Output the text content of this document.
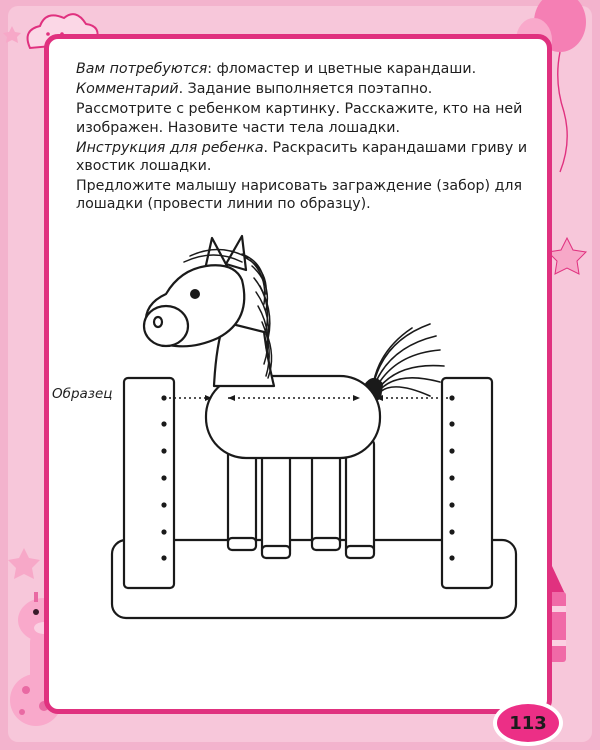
Вам потребуются: фломастер и цветные карандаши.

Комментарий. Задание выполняется поэтапно.

Рассмотрите с ребенком картинку. Расскажите, кто на ней изображен. Назовите части тела лошадки.

Инструкция для ребенка. Раскрасить карандашами гриву и хвостик лошадки.

Предложите малышу нарисовать заграждение (забор) для лошадки (провести линии по образцу).

Образец
113
